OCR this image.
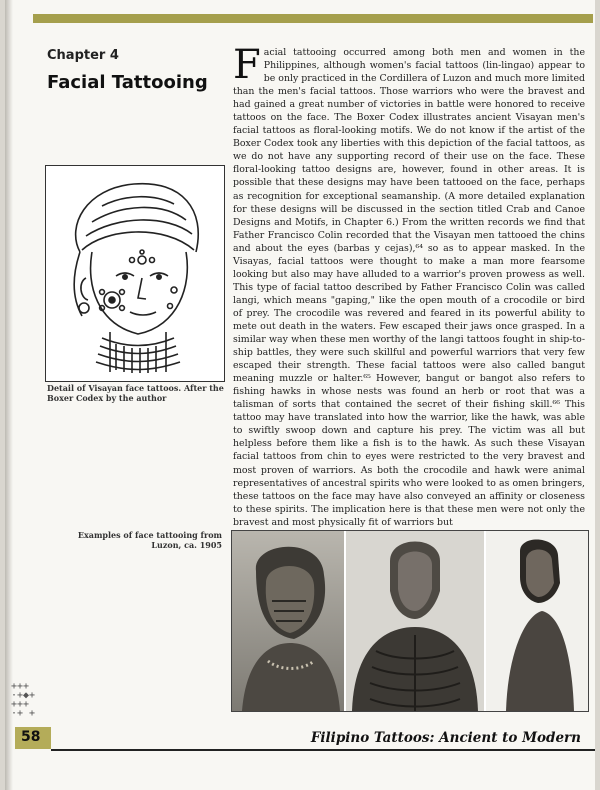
Chapter 4
Facial Tattooing
Detail of Visayan face tattoos. After the Boxer Codex by the author

Facial tattooing occurred among both men and women in the Philippines, although women's facial tattoos (lin-lingao) appear to be only practiced in the Cordillera of Luzon and much more limited than the men's facial tattoos. Those warriors who were the bravest and had gained a great number of victories in battle were honored to receive tattoos on the face. The Boxer Codex illustrates ancient Visayan men's facial tattoos as floral-looking motifs. We do not know if the artist of the Boxer Codex took any liberties with this depiction of the facial tattoos, as we do not have any supporting record of their use on the face. These floral-looking tattoo designs are, however, found in other areas. It is possible that these designs may have been tattooed on the face, perhaps as recognition for exceptional seamanship. (A more detailed explanation for these designs will be discussed in the section titled Crab and Canoe Designs and Motifs, in Chapter 6.) From the written records we find that Father Francisco Colin recorded that the Visayan men tattooed the chins and about the eyes (barbas y cejas),⁶⁴ so as to appear masked. In the Visayas, facial tattoos were thought to make a man more fearsome looking but also may have alluded to a warrior's proven prowess as well. This type of facial tattoo described by Father Francisco Colin was called langi, which means "gaping," like the open mouth of a crocodile or bird of prey. The crocodile was revered and feared in its powerful ability to mete out death in the waters. Few escaped their jaws once grasped. In a similar way when these men worthy of the langi tattoos fought in ship-to-ship battles, they were such skillful and powerful warriors that very few escaped their strength. These facial tattoos were also called bangut meaning muzzle or halter.⁶⁵ However, bangut or bangot also refers to fishing hawks in whose nests was found an herb or root that was a talisman of sorts that contained the secret of their fishing skill.⁶⁶ This tattoo may have translated into how the warrior, like the hawk, was able to swiftly swoop down and capture his prey. The victim was all but helpless before them like a fish is to the hawk. As such these Visayan facial tattoos from chin to eyes were restricted to the very bravest and most proven of warriors. As both the crocodile and hawk were animal representatives of ancestral spirits who were looked to as omen bringers, these tattoos on the face may have also conveyed an affinity or closeness to these spirits. The implication here is that these men were not only the bravest and most physically fit of warriors but

Examples of face tattooing from Luzon, ca. 1905
+++
·+◆+
+++
·+ +
58	Filipino Tattoos: Ancient to Modern
